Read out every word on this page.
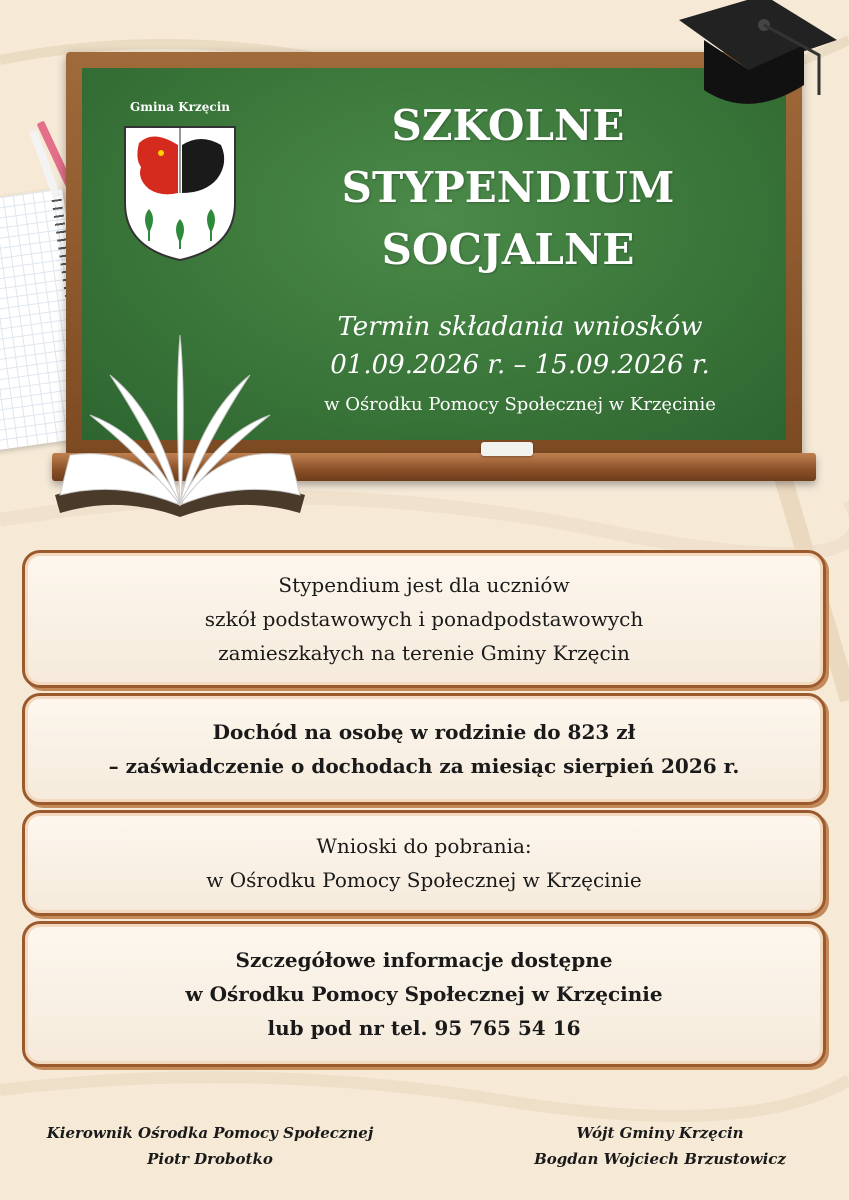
Gmina Krzęcin	SZKOLNE
STYPENDIUM
SOCJALNE
Termin składania wniosków
01.09.2026 r. – 15.09.2026 r.
w Ośrodku Pomocy Społecznej w Krzęcinie
Stypendium jest dla uczniów
szkół podstawowych i ponadpodstawowych
zamieszkałych na terenie Gminy Krzęcin
Dochód na osobę w rodzinie do 823 zł
– zaświadczenie o dochodach za miesiąc sierpień 2026 r.
Wnioski do pobrania:
w Ośrodku Pomocy Społecznej w Krzęcinie
Szczegółowe informacje dostępne
w Ośrodku Pomocy Społecznej w Krzęcinie
lub pod nr tel. 95 765 54 16
Kierownik Ośrodka Pomocy Społecznej
Piotr Drobotko
Wójt Gminy Krzęcin
Bogdan Wojciech Brzustowicz
